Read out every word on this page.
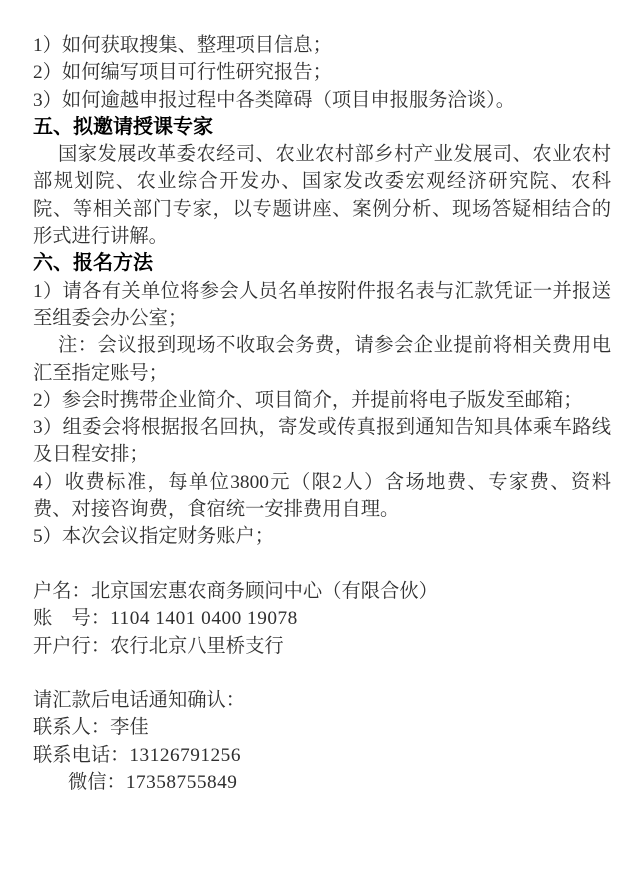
1）如何获取搜集、整理项目信息；

2）如何编写项目可行性研究报告；

3）如何逾越申报过程中各类障碍（项目申报服务洽谈）。

五、拟邀请授课专家

国家发展改革委农经司、农业农村部乡村产业发展司、农业农村部规划院、农业综合开发办、国家发改委宏观经济研究院、农科院、等相关部门专家，以专题讲座、案例分析、现场答疑相结合的形式进行讲解。

六、报名方法

1）请各有关单位将参会人员名单按附件报名表与汇款凭证一并报送至组委会办公室；

注：会议报到现场不收取会务费，请参会企业提前将相关费用电汇至指定账号；

2）参会时携带企业简介、项目简介，并提前将电子版发至邮箱；

3）组委会将根据报名回执，寄发或传真报到通知告知具体乘车路线及日程安排；

4）收费标准，每单位3800元（限2人）含场地费、专家费、资料费、对接咨询费，食宿统一安排费用自理。

5）本次会议指定财务账户；

户名：北京国宏惠农商务顾问中心（有限合伙）

账　号：1104 1401 0400 19078

开户行：农行北京八里桥支行

请汇款后电话通知确认：

联系人：李佳

联系电话：13126791256

微信：17358755849
